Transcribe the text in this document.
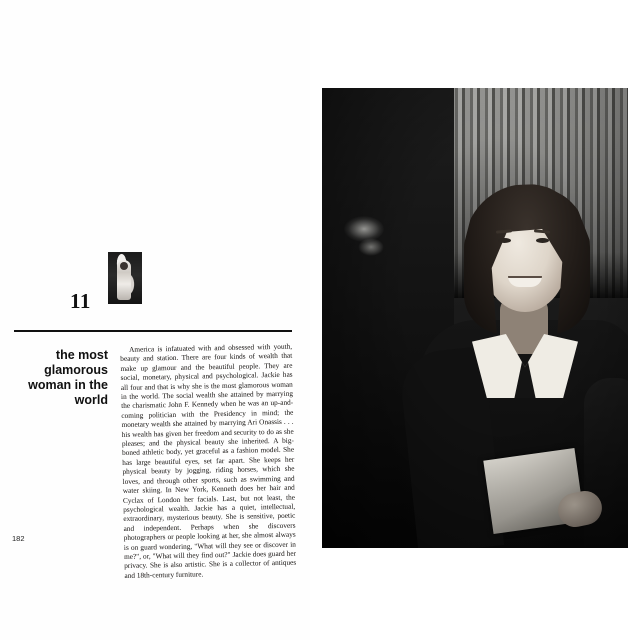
11
the most glamorous woman in the world

America is infatuated with and obsessed with youth, beauty and station. There are four kinds of wealth that make up glamour and the beautiful people. They are social, monetary, physical and psychological. Jackie has all four and that is why she is the most glamorous woman in the world. The social wealth she attained by marrying the charismatic John F. Kennedy when he was an up-and-coming politician with the Presidency in mind; the monetary wealth she attained by marrying Ari Onassis . . . his wealth has given her freedom and security to do as she pleases; and the physical beauty she inherited. A big-boned athletic body, yet graceful as a fashion model. She has large beautiful eyes, set far apart. She keeps her physical beauty by jogging, riding horses, which she loves, and through other sports, such as swimming and water skiing. In New York, Kenneth does her hair and Cyclax of London her facials. Last, but not least, the psychological wealth. Jackie has a quiet, intellectual, extraordinary, mysterious beauty. She is sensitive, poetic and independent. Perhaps when she discovers photographers or people looking at her, she almost always is on guard wondering, "What will they see or discover in me?", or, "What will they find out?" Jackie does guard her privacy. She is also artistic. She is a collector of antiques and 18th-century furniture.

182
